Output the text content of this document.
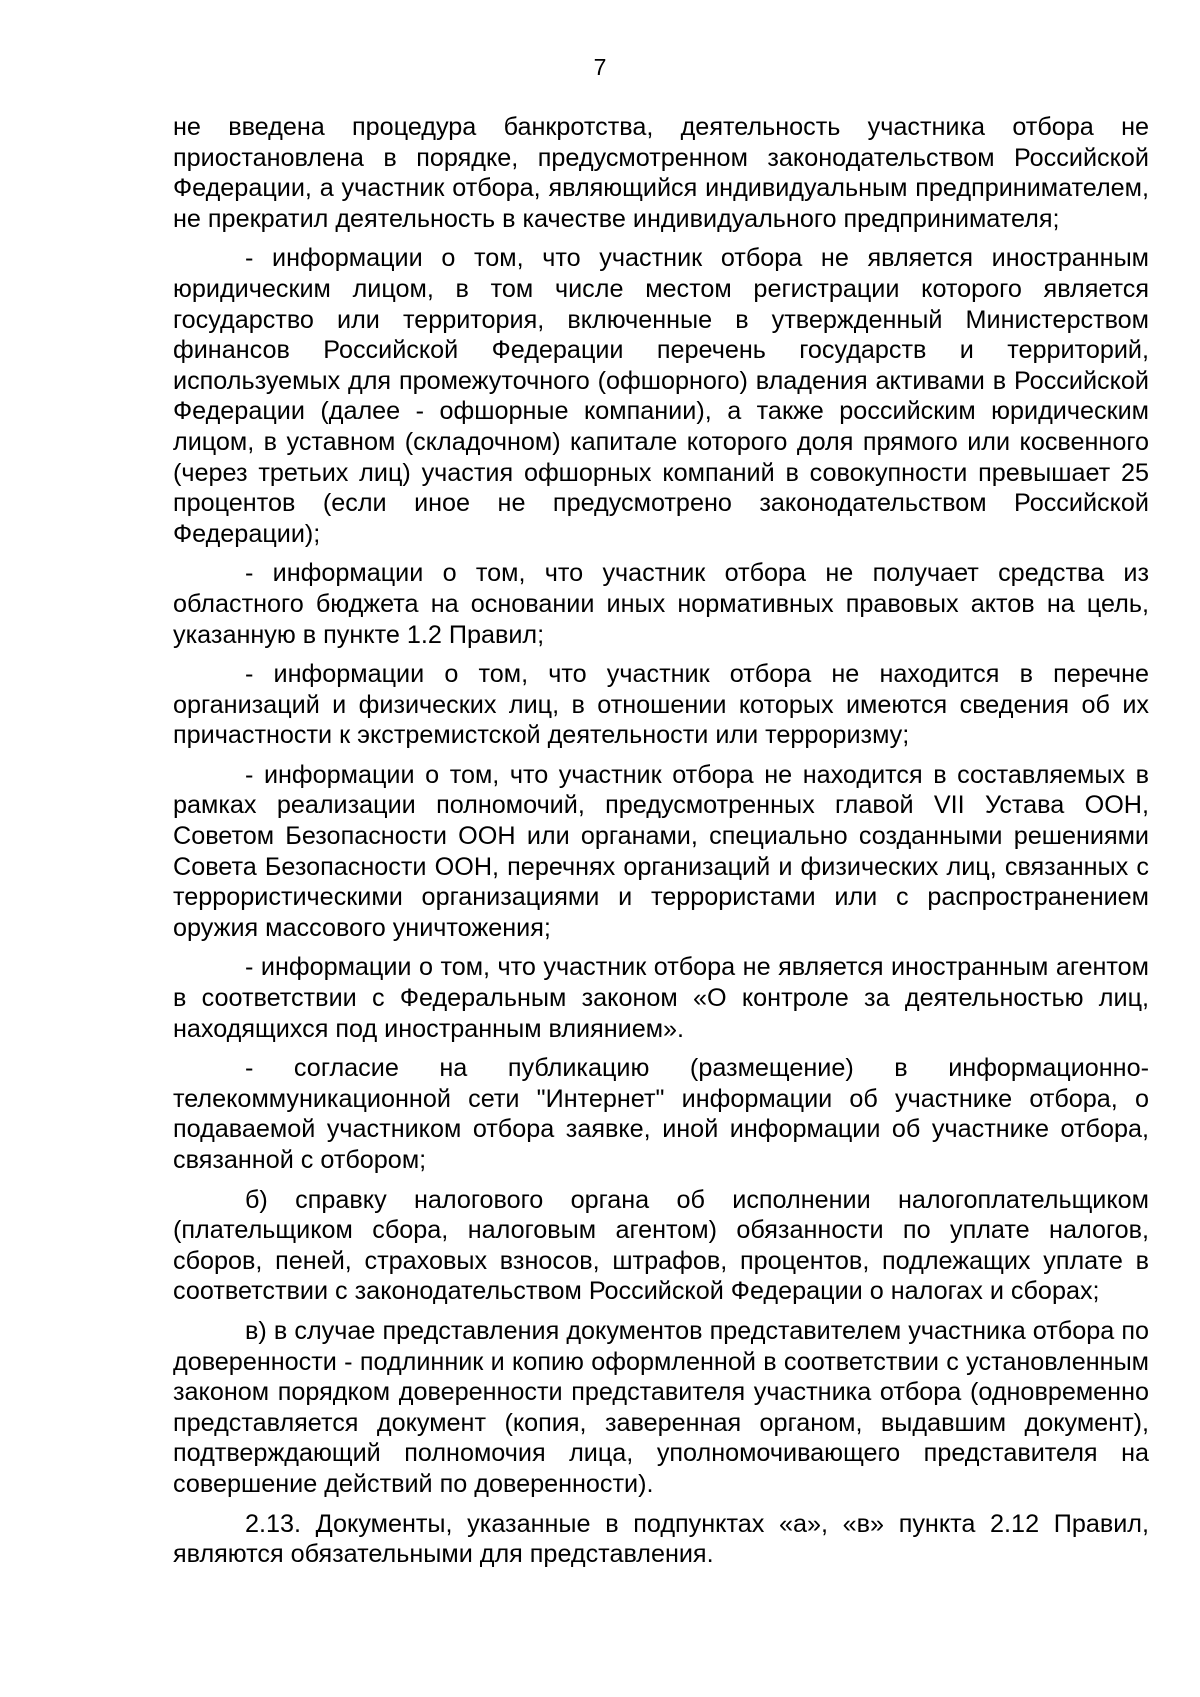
7

не введена процедура банкротства, деятельность участника отбора не приостановлена в порядке, предусмотренном законодательством Российской Федерации, а участник отбора, являющийся индивидуальным предпринимателем, не прекратил деятельность в качестве индивидуального предпринимателя;

- информации о том, что участник отбора не является иностранным юридическим лицом, в том числе местом регистрации которого является государство или территория, включенные в утвержденный Министерством финансов Российской Федерации перечень государств и территорий, используемых для промежуточного (офшорного) владения активами в Российской Федерации (далее - офшорные компании), а также российским юридическим лицом, в уставном (складочном) капитале которого доля прямого или косвенного (через третьих лиц) участия офшорных компаний в совокупности превышает 25 процентов (если иное не предусмотрено законодательством Российской Федерации);

- информации о том, что участник отбора не получает средства из областного бюджета на основании иных нормативных правовых актов на цель, указанную в пункте 1.2 Правил;

- информации о том, что участник отбора не находится в перечне организаций и физических лиц, в отношении которых имеются сведения об их причастности к экстремистской деятельности или терроризму;

- информации о том, что участник отбора не находится в составляемых в рамках реализации полномочий, предусмотренных главой VII Устава ООН, Советом Безопасности ООН или органами, специально созданными решениями Совета Безопасности ООН, перечнях организаций и физических лиц, связанных с террористическими организациями и террористами или с распространением оружия массового уничтожения;

- информации о том, что участник отбора не является иностранным агентом в соответствии с Федеральным законом «О контроле за деятельностью лиц, находящихся под иностранным влиянием».

- согласие на публикацию (размещение) в информационно-телекоммуникационной сети "Интернет" информации об участнике отбора, о подаваемой участником отбора заявке, иной информации об участнике отбора, связанной с отбором;

б) справку налогового органа об исполнении налогоплательщиком (плательщиком сбора, налоговым агентом) обязанности по уплате налогов, сборов, пеней, страховых взносов, штрафов, процентов, подлежащих уплате в соответствии с законодательством Российской Федерации о налогах и сборах;

в) в случае представления документов представителем участника отбора по доверенности - подлинник и копию оформленной в соответствии с установленным законом порядком доверенности представителя участника отбора (одновременно представляется документ (копия, заверенная органом, выдавшим документ), подтверждающий полномочия лица, уполномочивающего представителя на совершение действий по доверенности).

2.13. Документы, указанные в подпунктах «а», «в» пункта 2.12 Правил, являются обязательными для представления.
